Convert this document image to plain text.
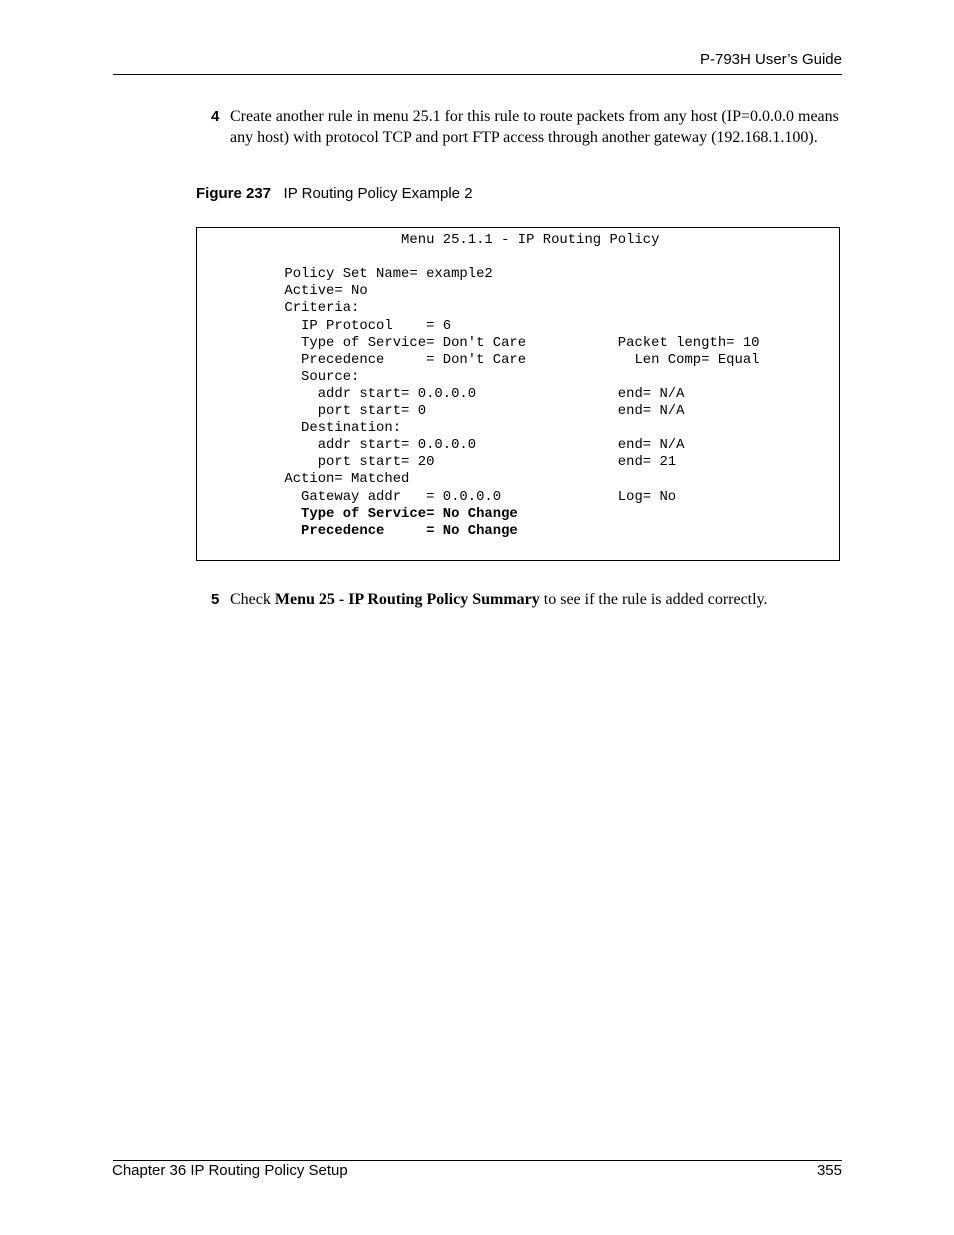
P-793H User’s Guide
4 Create another rule in menu 25.1 for this rule to route packets from any host (IP=0.0.0.0 means any host) with protocol TCP and port FTP access through another gateway (192.168.1.100).
Figure 237 IP Routing Policy Example 2
Menu 25.1.1 - IP Routing Policy
Policy Set Name= example2
Active= No
Criteria:
IP Protocol    = 6
Type of Service= Don't Care           Packet length= 10
Precedence     = Don't Care             Len Comp= Equal
Source:
addr start= 0.0.0.0                 end= N/A
port start= 0                       end= N/A
Destination:
addr start= 0.0.0.0                 end= N/A
port start= 20                      end= 21
Action= Matched
Gateway addr   = 0.0.0.0              Log= No
Type of Service= No Change
Precedence     = No Change
5 Check Menu 25 - IP Routing Policy Summary to see if the rule is added correctly.
Chapter 36 IP Routing Policy Setup	355
